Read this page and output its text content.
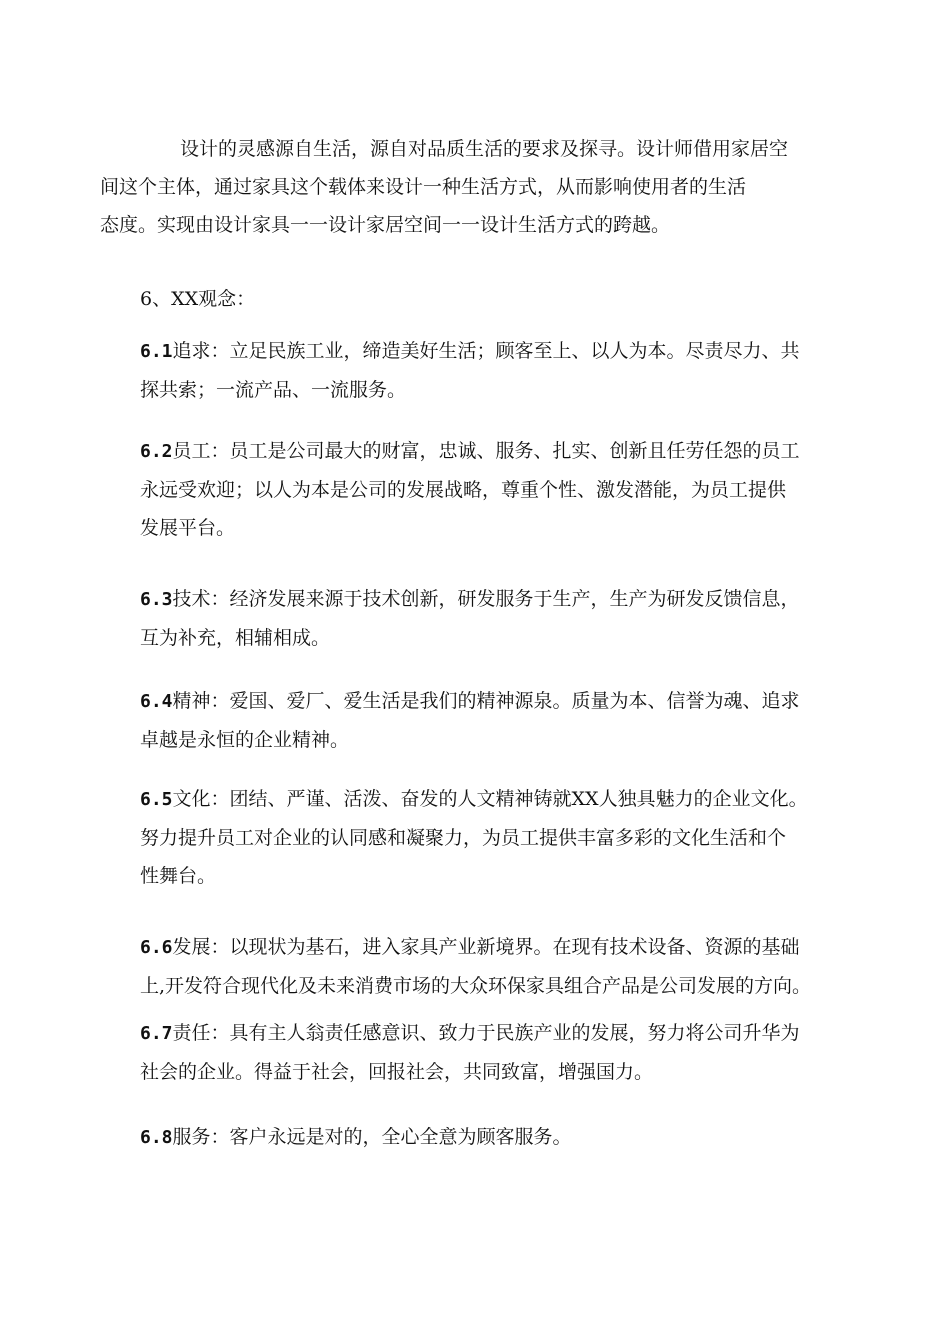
设计的灵感源自生活，源自对品质生活的要求及探寻。设计师借用家居空
间这个主体，通过家具这个载体来设计一种生活方式，从而影响使用者的生活
态度。实现由设计家具一一设计家居空间一一设计生活方式的跨越。

6、XX观念：

6.1追求：立足民族工业，缔造美好生活；顾客至上、以人为本。尽责尽力、共
探共索；一流产品、一流服务。

6.2员工：员工是公司最大的财富，忠诚、服务、扎实、创新且任劳任怨的员工
永远受欢迎；以人为本是公司的发展战略，尊重个性、激发潜能，为员工提供
发展平台。

6.3技术：经济发展来源于技术创新，研发服务于生产，生产为研发反馈信息，
互为补充，相辅相成。

6.4精神：爱国、爱厂、爱生活是我们的精神源泉。质量为本、信誉为魂、追求
卓越是永恒的企业精神。

6.5文化：团结、严谨、活泼、奋发的人文精神铸就XX人独具魅力的企业文化。
努力提升员工对企业的认同感和凝聚力，为员工提供丰富多彩的文化生活和个
性舞台。

6.6发展：以现状为基石，进入家具产业新境界。在现有技术设备、资源的基础
上,开发符合现代化及未来消费市场的大众环保家具组合产品是公司发展的方向。

6.7责任：具有主人翁责任感意识、致力于民族产业的发展，努力将公司升华为
社会的企业。得益于社会，回报社会，共同致富，增强国力。

6.8服务：客户永远是对的，全心全意为顾客服务。
